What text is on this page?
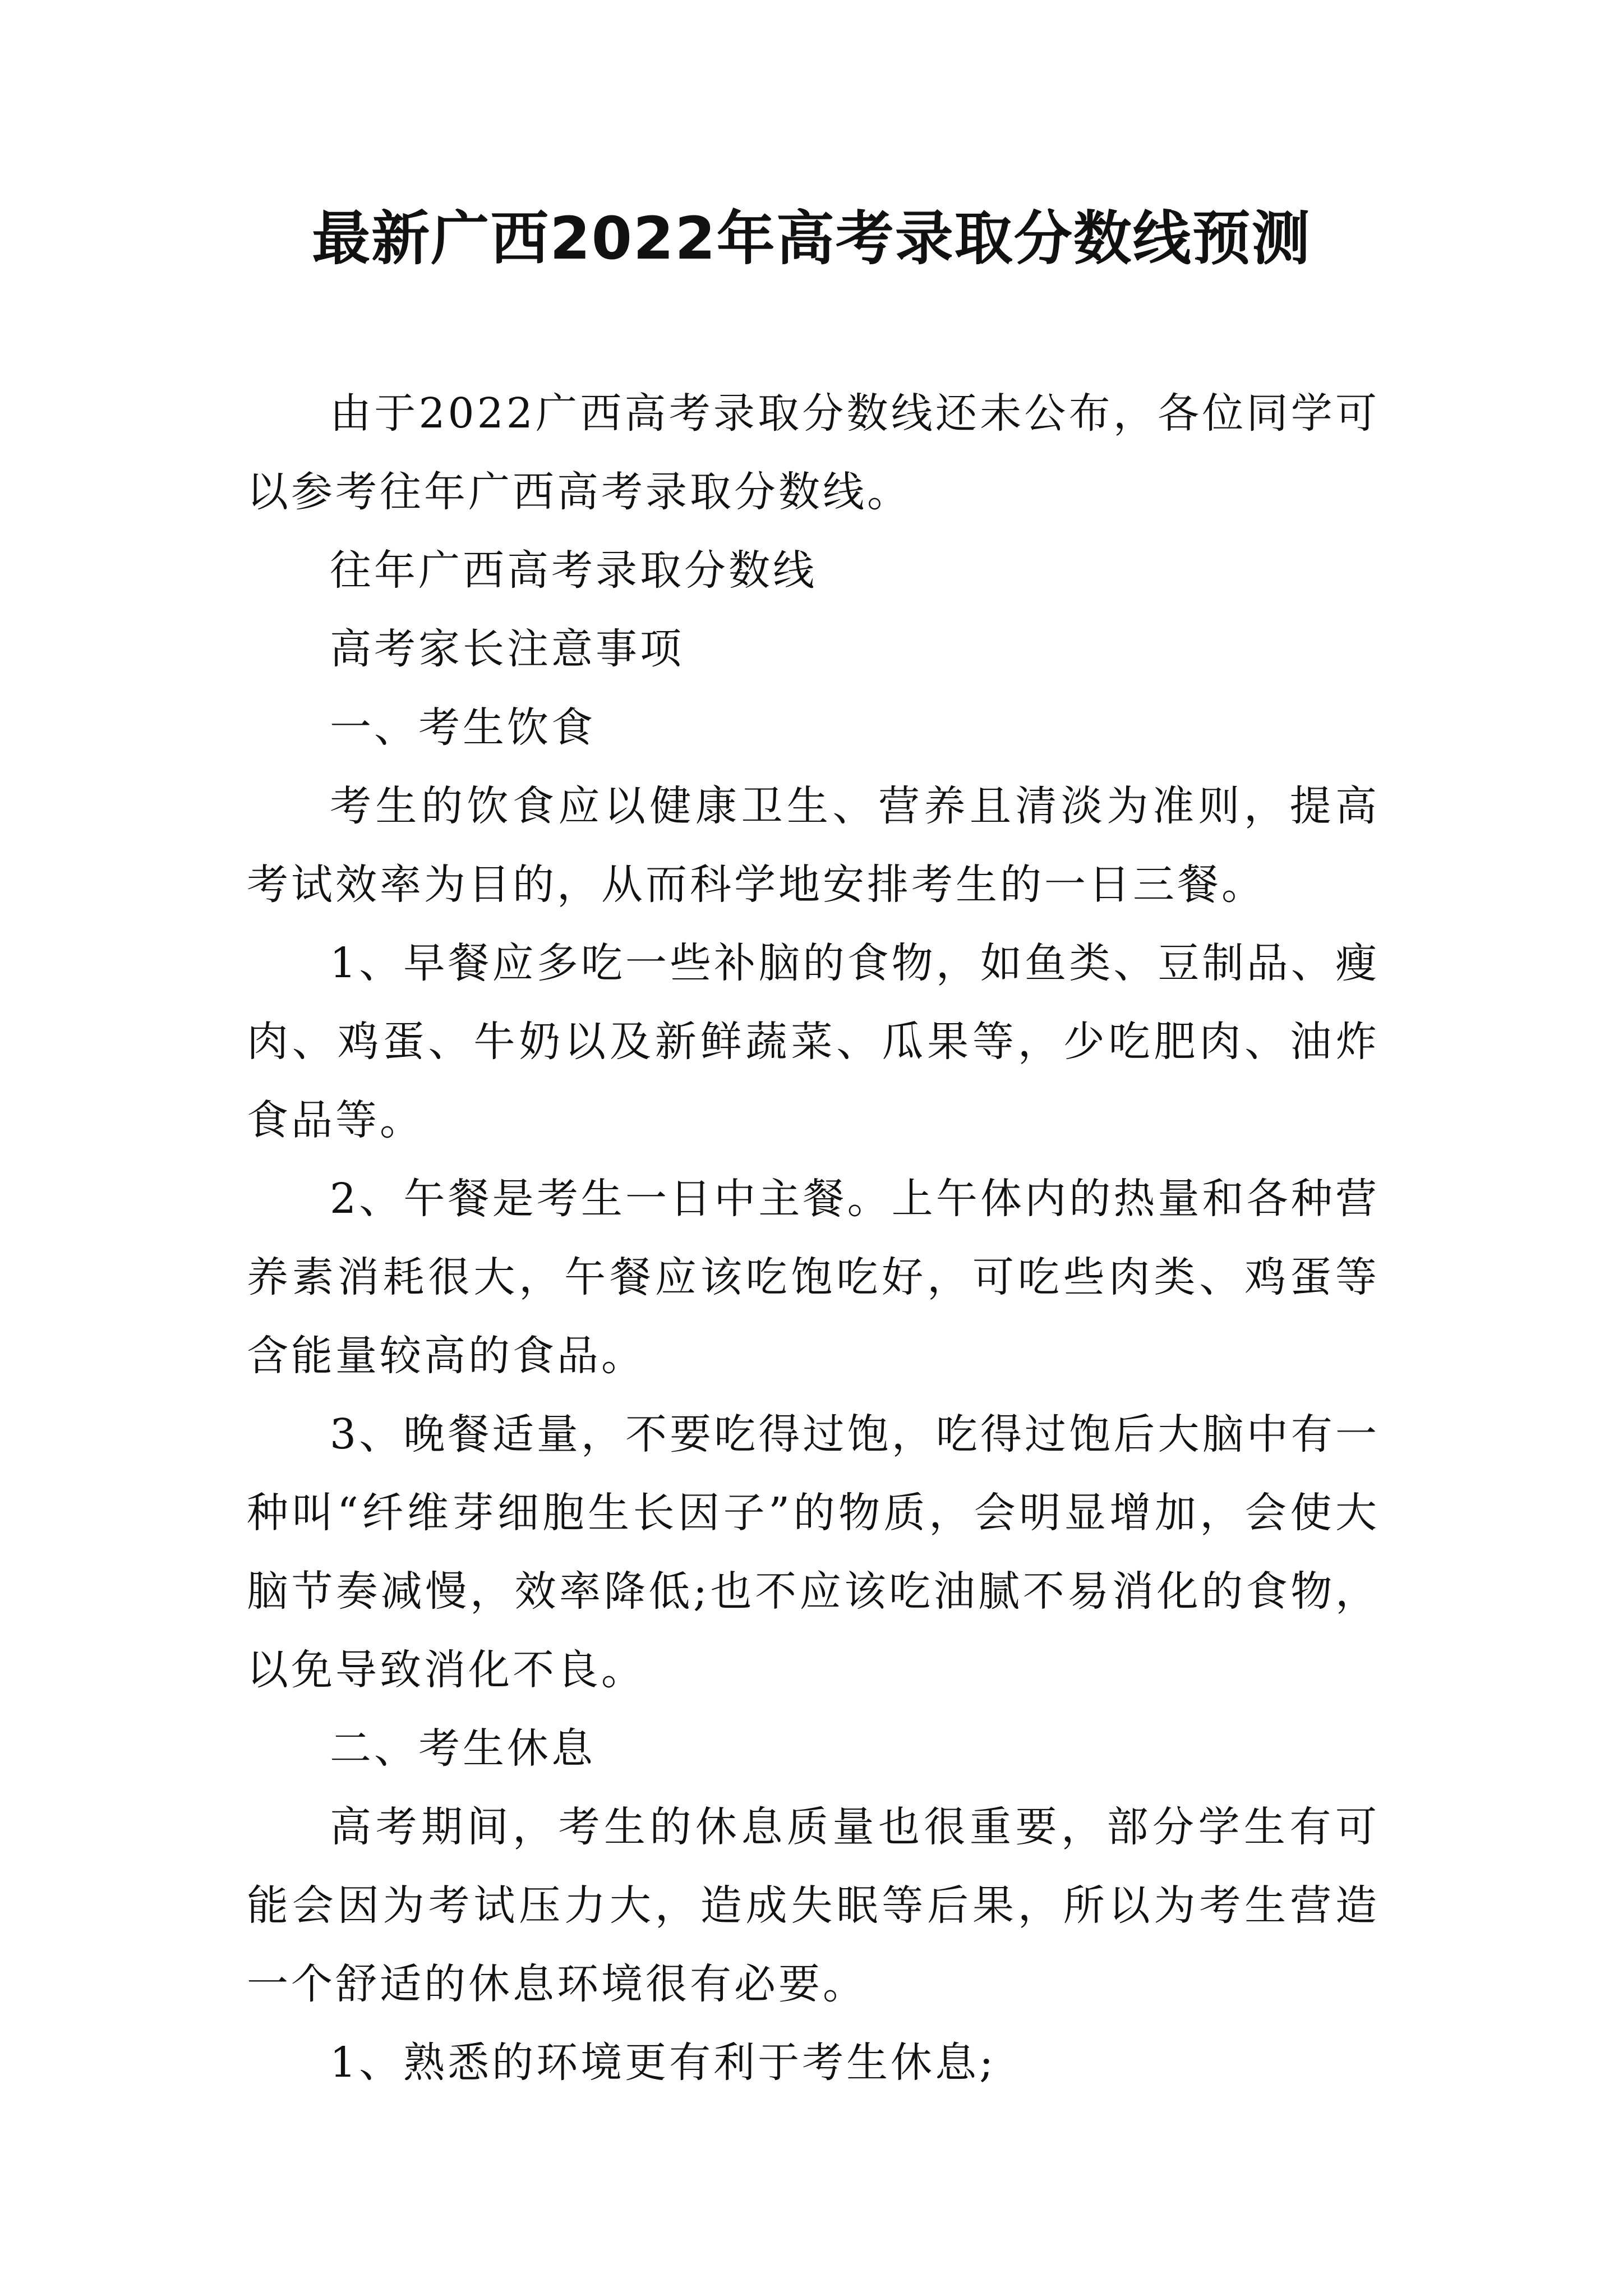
最新广西2022年高考录取分数线预测

由于2022广西高考录取分数线还未公布，各位同学可以参考往年广西高考录取分数线。

往年广西高考录取分数线

高考家长注意事项

一、考生饮食

考生的饮食应以健康卫生、营养且清淡为准则，提高考试效率为目的，从而科学地安排考生的一日三餐。

1、早餐应多吃一些补脑的食物，如鱼类、豆制品、瘦肉、鸡蛋、牛奶以及新鲜蔬菜、瓜果等，少吃肥肉、油炸食品等。

2、午餐是考生一日中主餐。上午体内的热量和各种营养素消耗很大，午餐应该吃饱吃好，可吃些肉类、鸡蛋等含能量较高的食品。

3、晚餐适量，不要吃得过饱，吃得过饱后大脑中有一种叫“纤维芽细胞生长因子”的物质，会明显增加，会使大脑节奏减慢，效率降低;也不应该吃油腻不易消化的食物，以免导致消化不良。

二、考生休息

高考期间，考生的休息质量也很重要，部分学生有可能会因为考试压力大，造成失眠等后果，所以为考生营造一个舒适的休息环境很有必要。

1、熟悉的环境更有利于考生休息;
